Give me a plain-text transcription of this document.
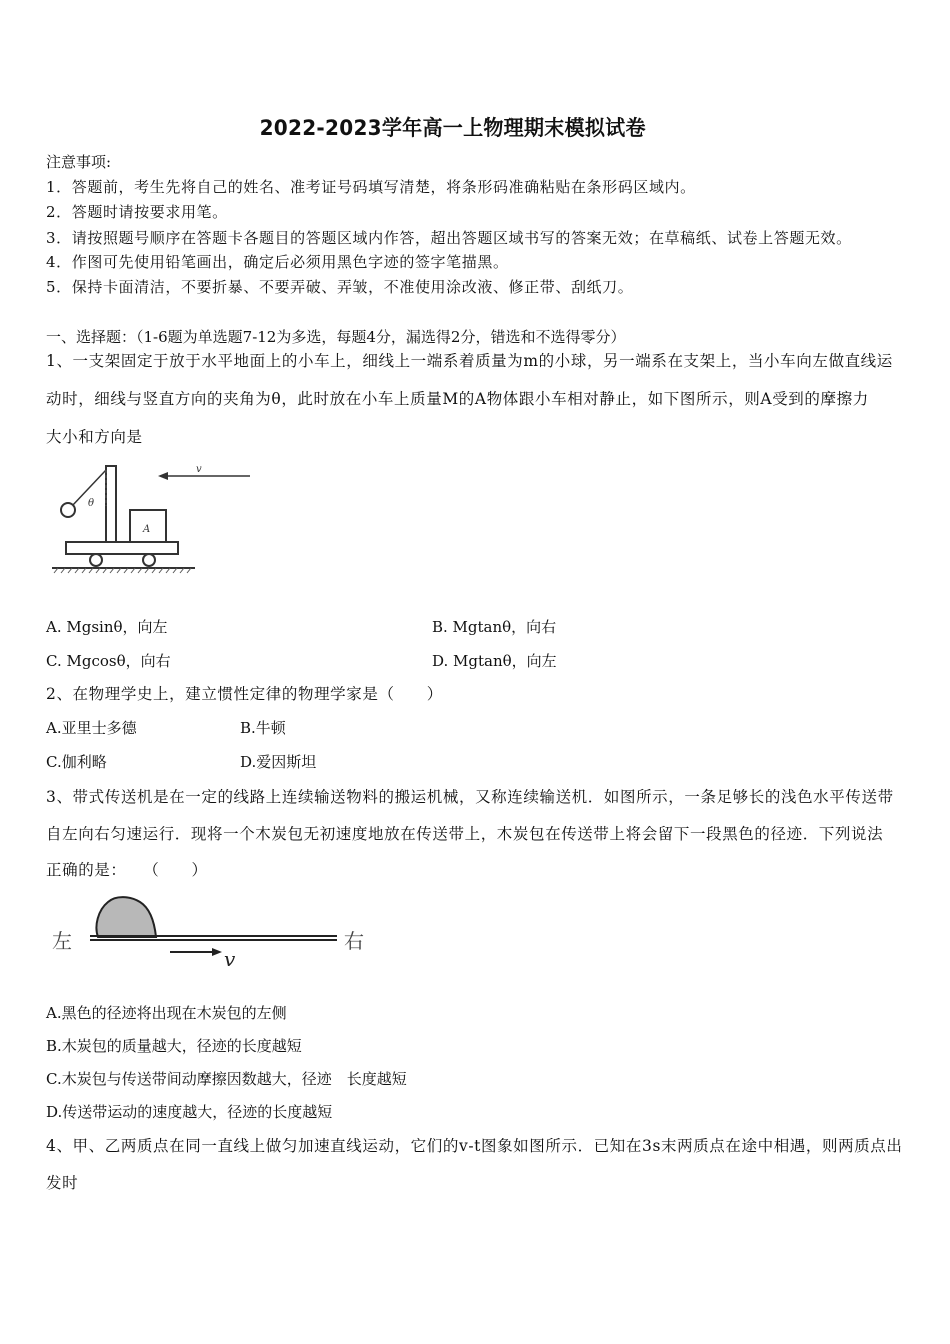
2022-2023学年高一上物理期末模拟试卷
注意事项:
1．答题前，考生先将自己的姓名、准考证号码填写清楚，将条形码准确粘贴在条形码区域内。
2．答题时请按要求用笔。
3．请按照题号顺序在答题卡各题目的答题区域内作答，超出答题区域书写的答案无效；在草稿纸、试卷上答题无效。
4．作图可先使用铅笔画出，确定后必须用黑色字迹的签字笔描黑。
5．保持卡面清洁，不要折暴、不要弄破、弄皱，不准使用涂改液、修正带、刮纸刀。
一、选择题：（1-6题为单选题7-12为多选，每题4分，漏选得2分，错选和不选得零分）
1、一支架固定于放于水平地面上的小车上，细线上一端系着质量为m的小球，另一端系在支架上，当小车向左做直线运
动时，细线与竖直方向的夹角为θ，此时放在小车上质量M的A物体跟小车相对静止，如下图所示，则A受到的摩擦力
大小和方向是
v
θ
A
A. Mgsinθ，向左	B. Mgtanθ，向右
C. Mgcosθ，向右	D. Mgtanθ，向左
2、在物理学史上，建立惯性定律的物理学家是（　　）
A.亚里士多德	B.牛顿
C.伽利略	D.爱因斯坦
3、带式传送机是在一定的线路上连续输送物料的搬运机械，又称连续输送机．如图所示，一条足够长的浅色水平传送带
自左向右匀速运行．现将一个木炭包无初速度地放在传送带上，木炭包在传送带上将会留下一段黑色的径迹．下列说法
正确的是：　　（　　）
左	右
v
A.黑色的径迹将出现在木炭包的左侧
B.木炭包的质量越大，径迹的长度越短
C.木炭包与传送带间动摩擦因数越大，径迹　长度越短
D.传送带运动的速度越大，径迹的长度越短
4、甲、乙两质点在同一直线上做匀加速直线运动，它们的v-t图象如图所示．已知在3s末两质点在途中相遇，则两质点出
发时
